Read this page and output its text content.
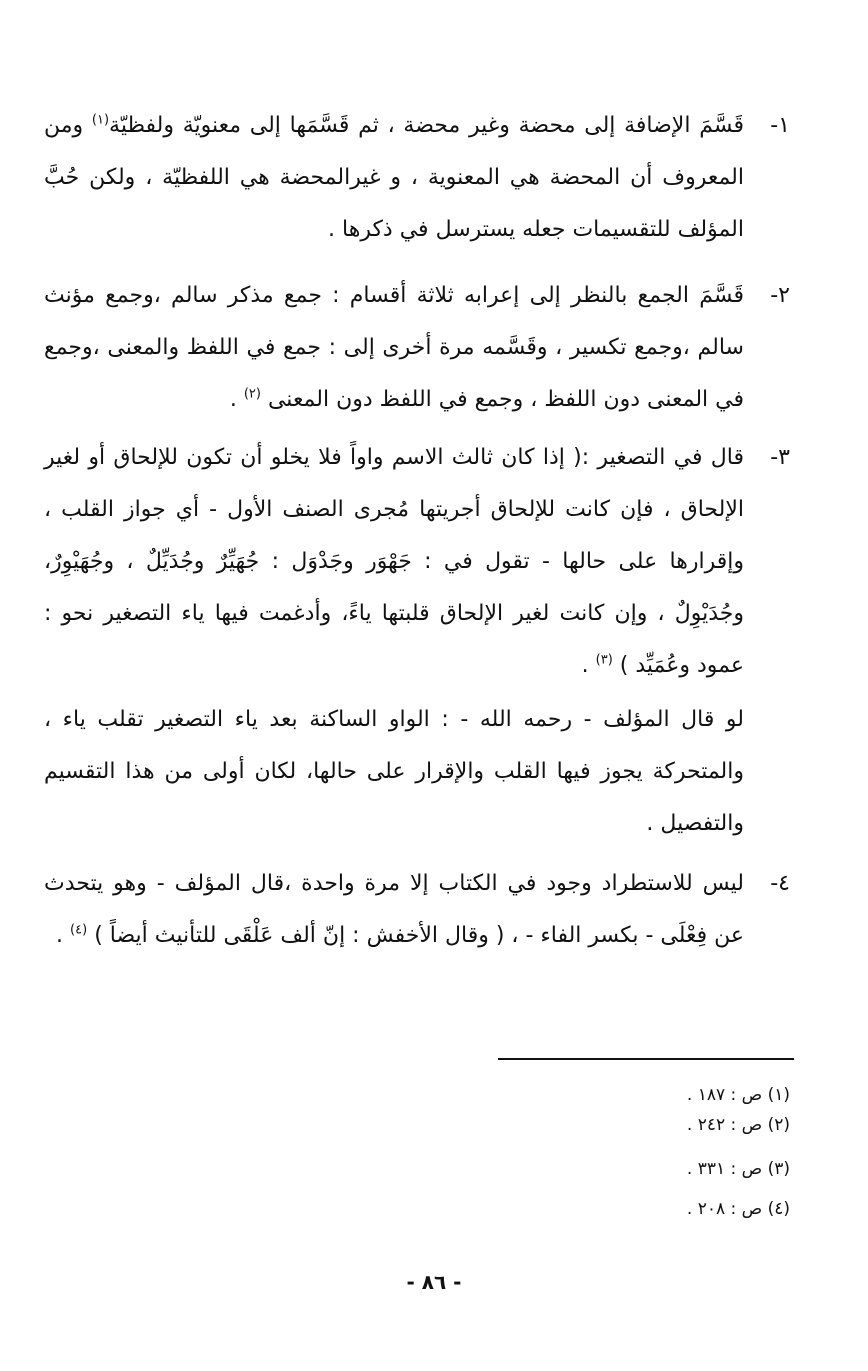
١-
قَسَّمَ الإضافة إلى محضة وغير محضة ، ثم قَسَّمَها إلى معنويّة ولفظيّة$^{(١)}$ ومن المعروف أن المحضة هي المعنوية ، و غيرالمحضة هي اللفظيّة ، ولكن حُبَّ المؤلف للتقسيمات جعله يسترسل في ذكرها .
٢-
قَسَّمَ الجمع بالنظر إلى إعرابه ثلاثة أقسام : جمع مذكر سالم ،وجمع مؤنث سالم ،وجمع تكسير ، وقَسَّمه مرة أخرى إلى : جمع في اللفظ والمعنى ،وجمع في المعنى دون اللفظ ، وجمع في اللفظ دون المعنى $^{(٢)}$ .
٣-
قال في التصغير :( إذا كان ثالث الاسم واواً فلا يخلو أن تكون للإلحاق أو لغير الإلحاق ، فإن كانت للإلحاق أجريتها مُجرى الصنف الأول - أي جواز القلب ، وإقرارها على حالها - تقول في : جَهْوَر وجَدْوَل : جُهَيِّرٌ وجُدَيِّلٌ ، وجُهَيْوِرٌ، وجُدَيْوِلٌ ، وإن كانت لغير الإلحاق قلبتها ياءً، وأدغمت فيها ياء التصغير نحو : عمود وعُمَيِّد ) $^{(٣)}$ .
لو قال المؤلف - رحمه الله - : الواو الساكنة بعد ياء التصغير تقلب ياء ، والمتحركة يجوز فيها القلب والإقرار على حالها، لكان أولى من هذا التقسيم والتفصيل .
٤-
ليس للاستطراد وجود في الكتاب إلا مرة واحدة ،قال المؤلف - وهو يتحدث عن فِعْلَى - بكسر الفاء - ، ( وقال الأخفش : إنّ ألف عَلْقَى للتأنيث أيضاً ) $^{(٤)}$ .
(١) ص : ١٨٧ .
(٢) ص : ٢٤٢ .
(٣) ص : ٣٣١ .
(٤) ص : ٢٠٨ .
- ٨٦ -
